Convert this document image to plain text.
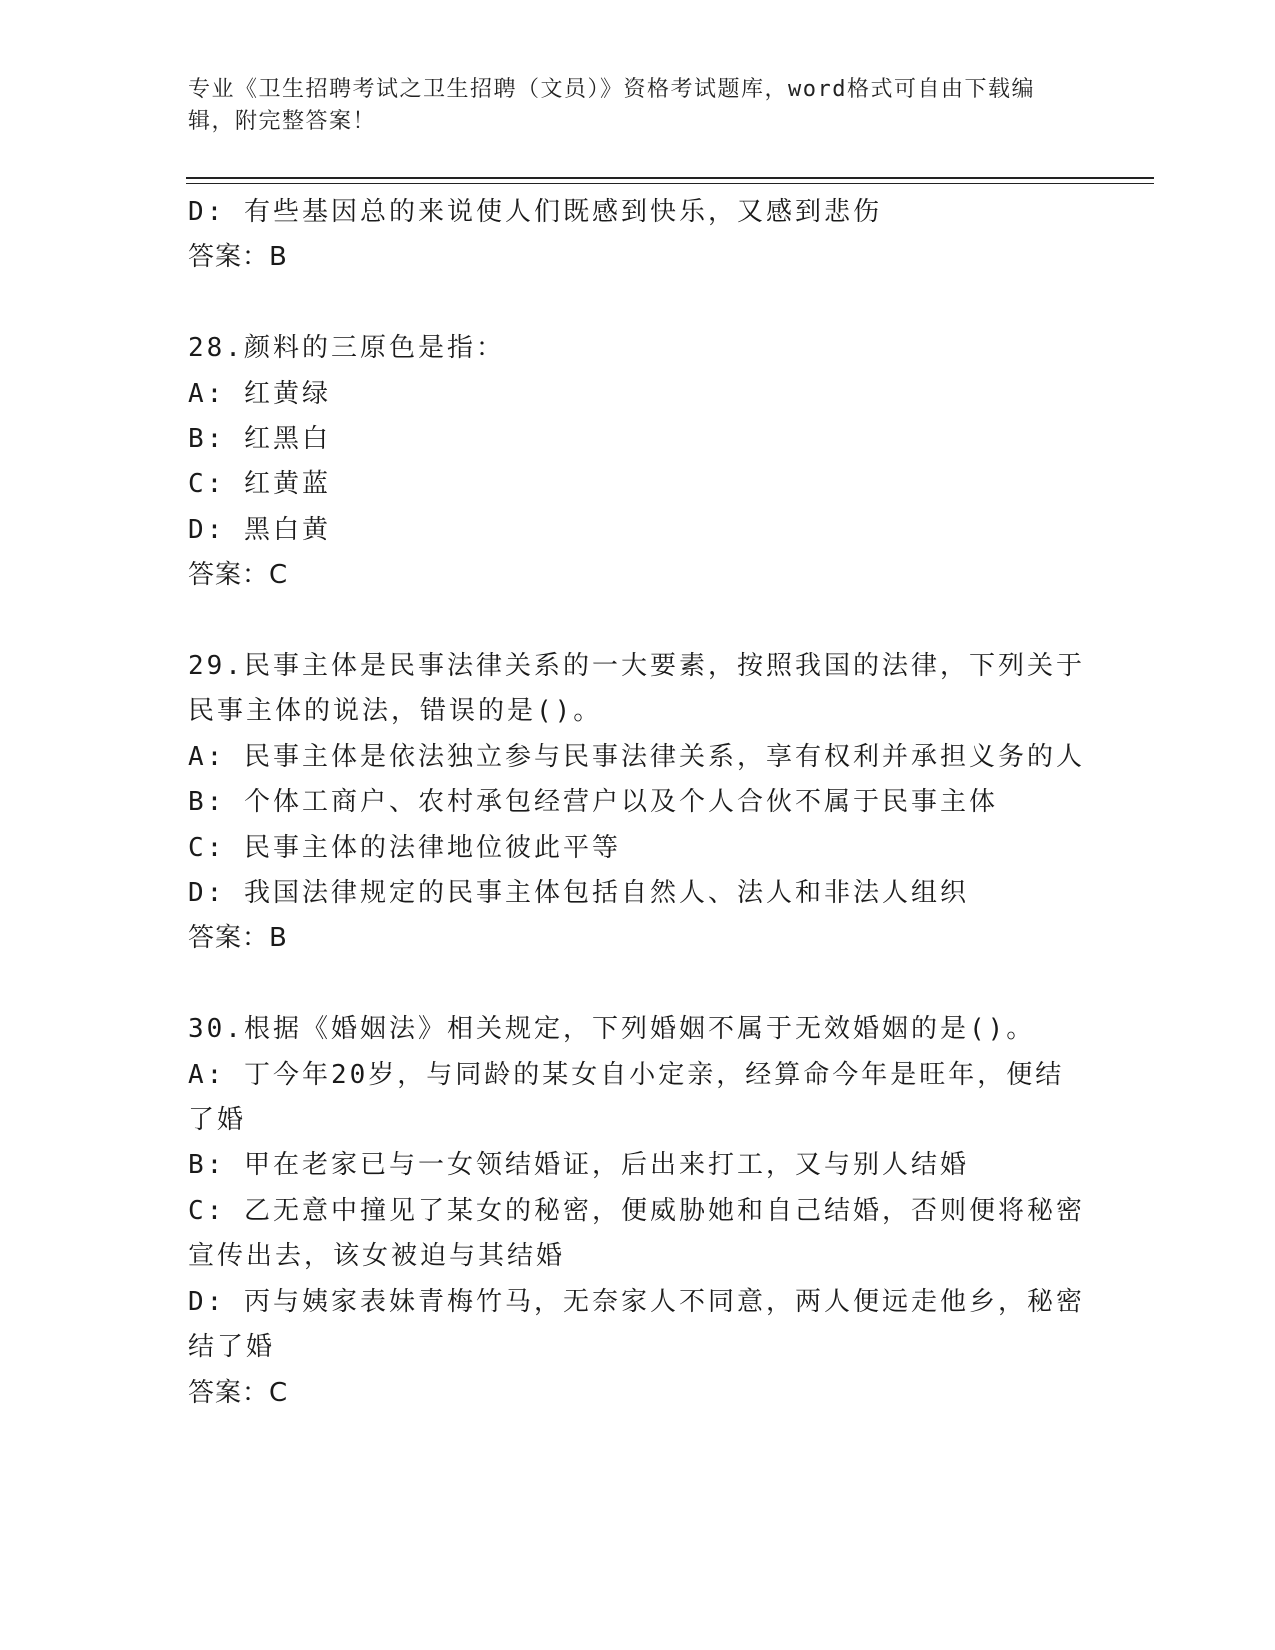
专业《卫生招聘考试之卫生招聘（文员）》资格考试题库，word格式可自由下载编辑，附完整答案！
D: 有些基因总的来说使人们既感到快乐，又感到悲伤
答案：B
28.颜料的三原色是指：
A: 红黄绿
B: 红黑白
C: 红黄蓝
D: 黑白黄
答案：C
29.民事主体是民事法律关系的一大要素，按照我国的法律，下列关于
民事主体的说法，错误的是()。
A: 民事主体是依法独立参与民事法律关系，享有权利并承担义务的人
B: 个体工商户、农村承包经营户以及个人合伙不属于民事主体
C: 民事主体的法律地位彼此平等
D: 我国法律规定的民事主体包括自然人、法人和非法人组织
答案：B
30.根据《婚姻法》相关规定，下列婚姻不属于无效婚姻的是()。
A: 丁今年20岁，与同龄的某女自小定亲，经算命今年是旺年，便结
了婚
B: 甲在老家已与一女领结婚证，后出来打工，又与别人结婚
C: 乙无意中撞见了某女的秘密，便威胁她和自己结婚，否则便将秘密
宣传出去，该女被迫与其结婚
D: 丙与姨家表妹青梅竹马，无奈家人不同意，两人便远走他乡，秘密
结了婚
答案：C
